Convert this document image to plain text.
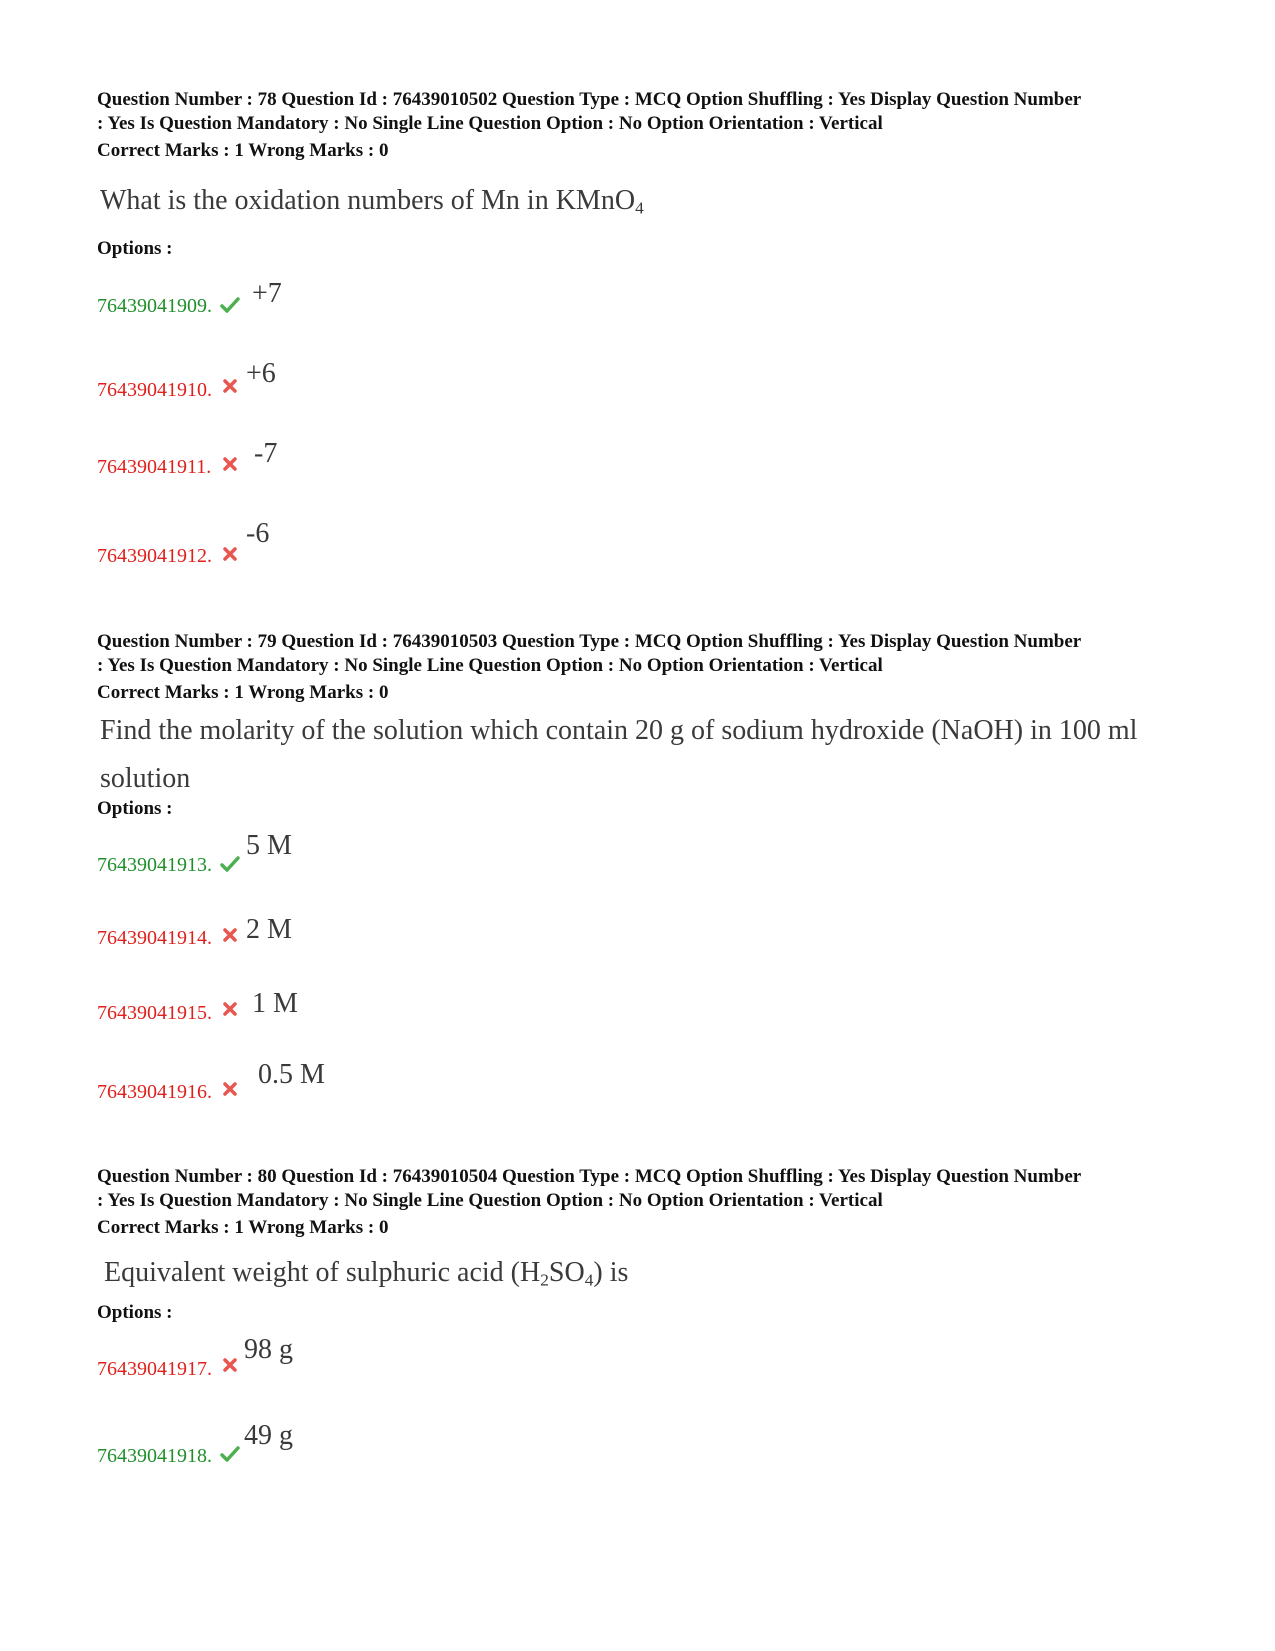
Question Number : 78 Question Id : 76439010502 Question Type : MCQ Option Shuffling : Yes Display Question Number

: Yes Is Question Mandatory : No Single Line Question Option : No Option Orientation : Vertical

Correct Marks : 1 Wrong Marks : 0
What is the oxidation numbers of Mn in KMnO$_4$
Options :
76439041909. +7
76439041910.
+6
76439041911. -7
76439041912.
-6

Question Number : 79 Question Id : 76439010503 Question Type : MCQ Option Shuffling : Yes Display Question Number

: Yes Is Question Mandatory : No Single Line Question Option : No Option Orientation : Vertical

Correct Marks : 1 Wrong Marks : 0
Find the molarity of the solution which contain 20 g of sodium hydroxide (NaOH) in 100 ml
solution
Options :
76439041913.
5 M
76439041914. 2 M
76439041915. 1 M
76439041916.
0.5 M

Question Number : 80 Question Id : 76439010504 Question Type : MCQ Option Shuffling : Yes Display Question Number

: Yes Is Question Mandatory : No Single Line Question Option : No Option Orientation : Vertical

Correct Marks : 1 Wrong Marks : 0
Equivalent weight of sulphuric acid $(H_2SO_4)$ is
Options :
76439041917.
98 g
76439041918.
49 g
